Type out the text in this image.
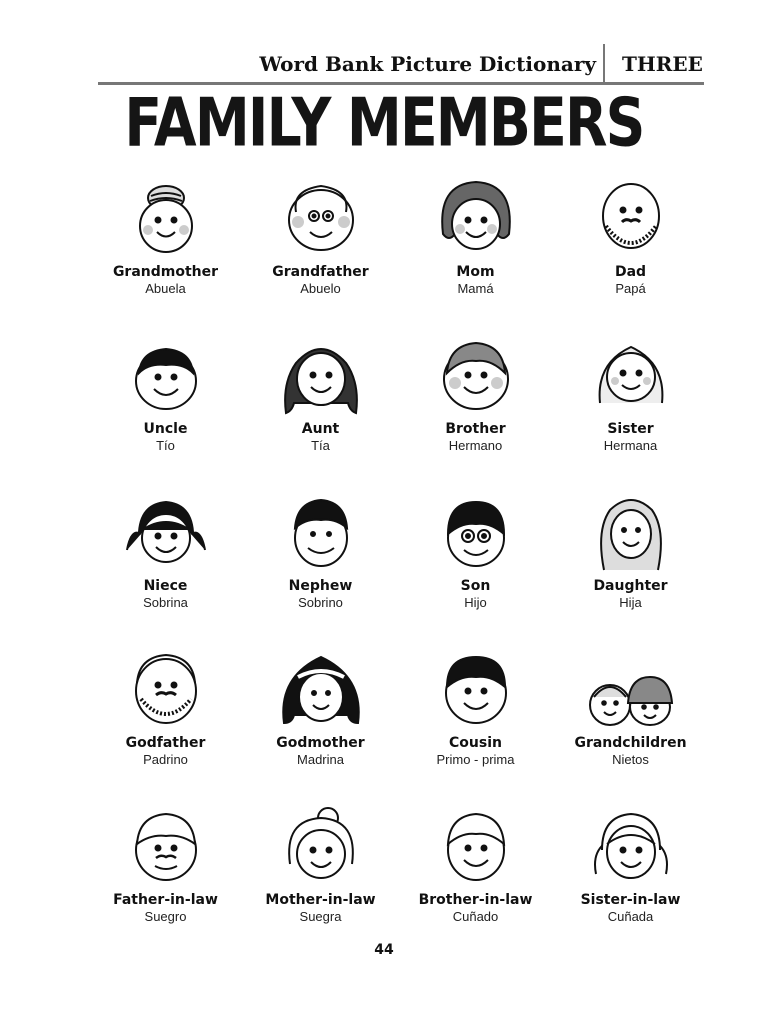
Word Bank Picture Dictionary THREE
FAMILY MEMBERS
Grandmother
Abuela
Grandfather
Abuelo
Mom
Mamá
Dad
Papá
Uncle
Tío
Aunt
Tía
Brother
Hermano
Sister
Hermana
Niece
Sobrina
Nephew
Sobrino
Son
Hijo
Daughter
Hija
Godfather
Padrino
Godmother
Madrina
Cousin
Primo - prima
Grandchildren
Nietos
Father-in-law
Suegro
Mother-in-law
Suegra
Brother-in-law
Cuñado
Sister-in-law
Cuñada
44
